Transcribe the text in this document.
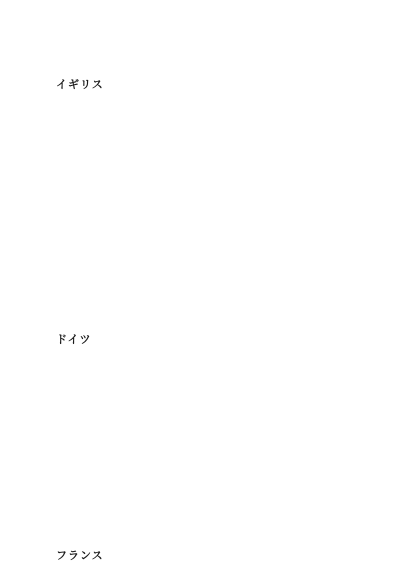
イギリス
ドイツ
フランス
